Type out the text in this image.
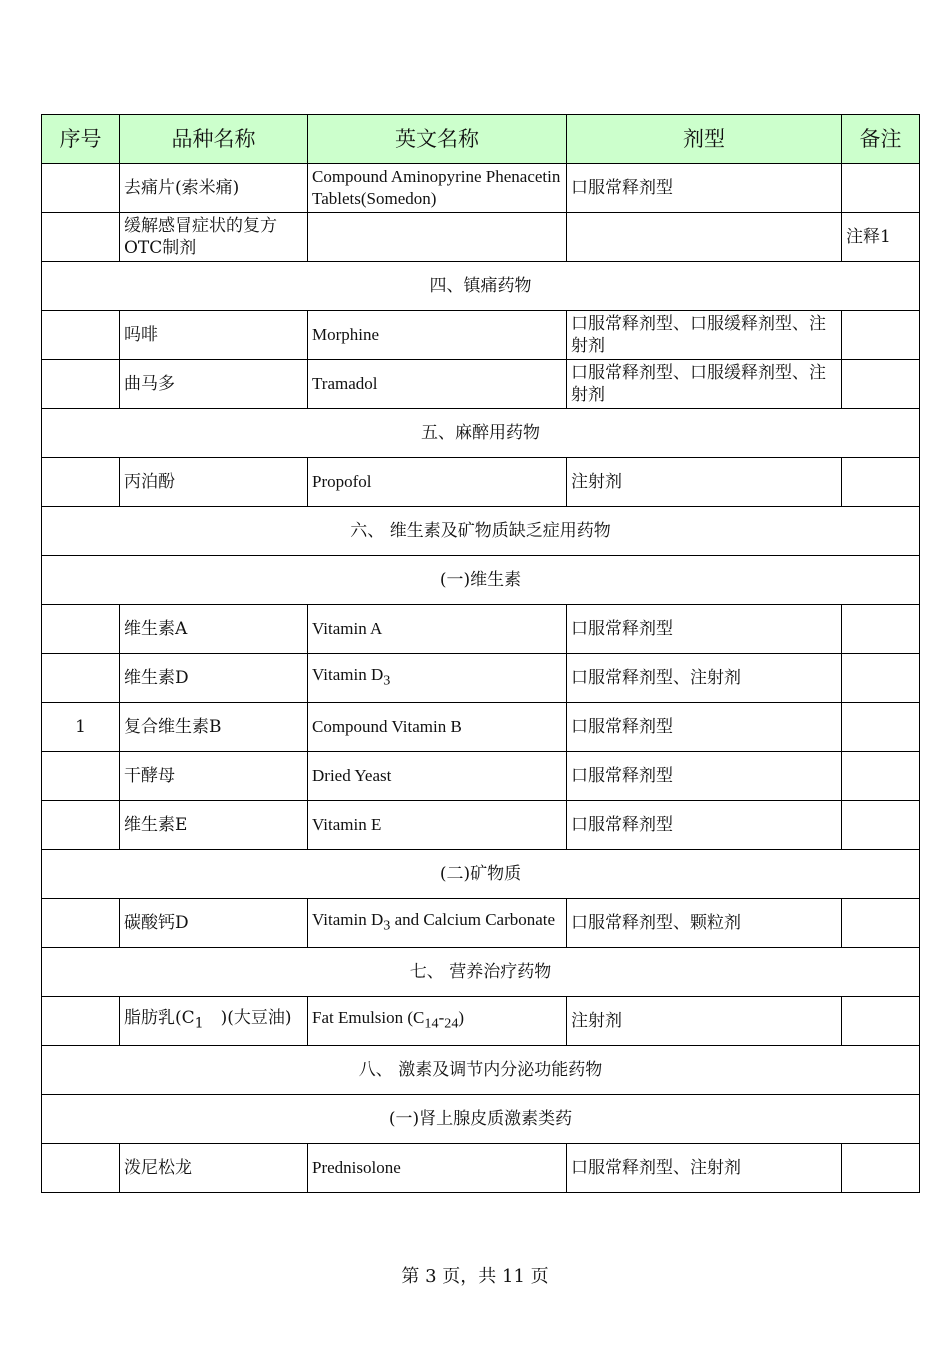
序号	品种名称	英文名称	剂型	备注
	去痛片(索米痛)	Compound Aminopyrine Phenacetin Tablets(Somedon)	口服常释剂型	
	缓解感冒症状的复方OTC制剂			注释1
四、镇痛药物				
	吗啡	Morphine	口服常释剂型、口服缓释剂型、注射剂	
	曲马多	Tramadol	口服常释剂型、口服缓释剂型、注射剂	
五、麻醉用药物				
	丙泊酚	Propofol	注射剂	
六、 维生素及矿物质缺乏症用药物				
(一)维生素				
	维生素A	Vitamin A	口服常释剂型	
	维生素D	Vitamin $D_3$	口服常释剂型、注射剂	
1	复合维生素B	Compound Vitamin B	口服常释剂型	
	干酵母	Dried Yeast	口服常释剂型	
	维生素E	Vitamin E	口服常释剂型	
(二)矿物质				
	碳酸钙D	Vitamin $D_3$ and Calcium Carbonate	口服常释剂型、颗粒剂	
七、 营养治疗药物				
	脂肪乳($C_1$　)(大豆油)	Fat Emulsion $(C_{14}-_{24})$	注射剂	
八、 激素及调节内分泌功能药物				
(一)肾上腺皮质激素类药				
	泼尼松龙	Prednisolone	口服常释剂型、注射剂	
第 3 页，共 11 页
